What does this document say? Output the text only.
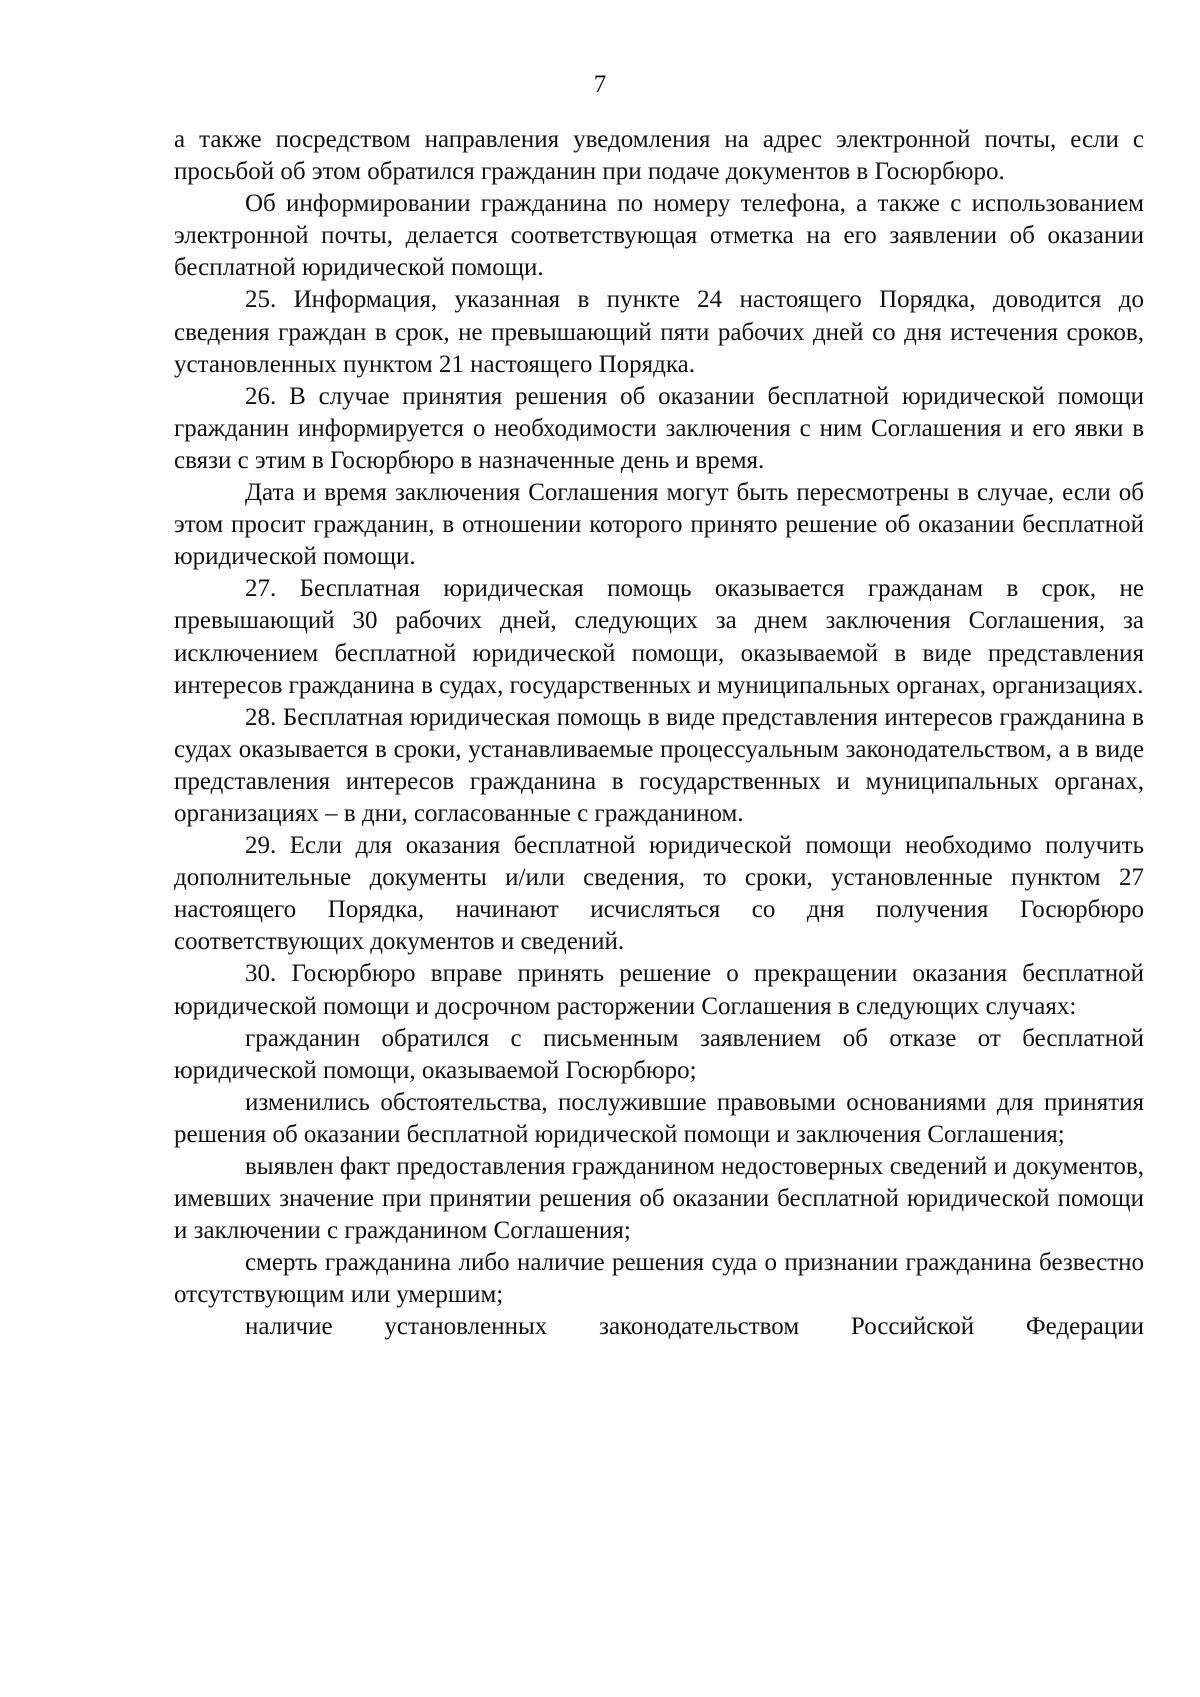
7

а также посредством направления уведомления на адрес электронной почты, если с просьбой об этом обратился гражданин при подаче документов в Госюрбюро.

Об информировании гражданина по номеру телефона, а также с использованием электронной почты, делается соответствующая отметка на его заявлении об оказании бесплатной юридической помощи.

25. Информация, указанная в пункте 24 настоящего Порядка, доводится до сведения граждан в срок, не превышающий пяти рабочих дней со дня истечения сроков, установленных пунктом 21 настоящего Порядка.

26. В случае принятия решения об оказании бесплатной юридической помощи гражданин информируется о необходимости заключения с ним Соглашения и его явки в связи с этим в Госюрбюро в назначенные день и время.

Дата и время заключения Соглашения могут быть пересмотрены в случае, если об этом просит гражданин, в отношении которого принято решение об оказании бесплатной юридической помощи.

27. Бесплатная юридическая помощь оказывается гражданам в срок, не превышающий 30 рабочих дней, следующих за днем заключения Соглашения, за исключением бесплатной юридической помощи, оказываемой в виде представления интересов гражданина в судах, государственных и муниципальных органах, организациях.

28. Бесплатная юридическая помощь в виде представления интересов гражданина в судах оказывается в сроки, устанавливаемые процессуальным законодательством, а в виде представления интересов гражданина в государственных и муниципальных органах, организациях – в дни, согласованные с гражданином.

29. Если для оказания бесплатной юридической помощи необходимо получить дополнительные документы и/или сведения, то сроки, установленные пунктом 27 настоящего Порядка, начинают исчисляться со дня получения Госюрбюро соответствующих документов и сведений.

30. Госюрбюро вправе принять решение о прекращении оказания бесплатной юридической помощи и досрочном расторжении Соглашения в следующих случаях:

гражданин обратился с письменным заявлением об отказе от бесплатной юридической помощи, оказываемой Госюрбюро;

изменились обстоятельства, послужившие правовыми основаниями для принятия решения об оказании бесплатной юридической помощи и заключения Соглашения;

выявлен факт предоставления гражданином недостоверных сведений и документов, имевших значение при принятии решения об оказании бесплатной юридической помощи и заключении с гражданином Соглашения;

смерть гражданина либо наличие решения суда о признании гражданина безвестно отсутствующим или умершим;

наличие установленных законодательством Российской Федерации
